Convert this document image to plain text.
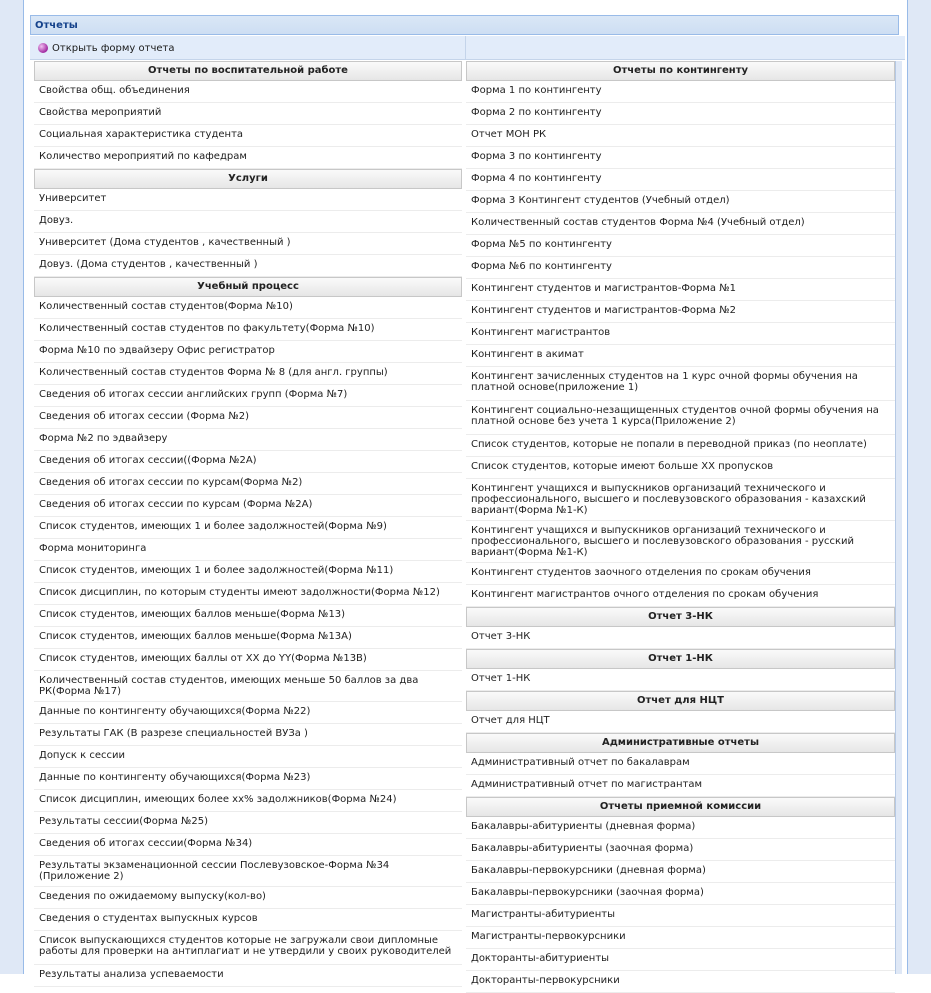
Отчеты
Открыть форму отчета
Отчеты по воспитательной работе
Свойства общ. объединения
Свойства мероприятий
Социальная характеристика студента
Количество мероприятий по кафедрам
Услуги
Университет
Довуз.
Университет (Дома студентов , качественный )
Довуз. (Дома студентов , качественный )
Учебный процесс
Количественный состав студентов(Форма №10)
Количественный состав студентов по факультету(Форма №10)
Форма №10 по эдвайзеру Офис регистратор
Количественный состав студентов Форма № 8 (для англ. группы)
Сведения об итогах сессии английских групп (Форма №7)
Сведения об итогах сессии (Форма №2)
Форма №2 по эдвайзеру
Сведения об итогах сессии((Форма №2А)
Сведения об итогах сессии по курсам(Форма №2)
Сведения об итогах сессии по курсам (Форма №2А)
Список студентов, имеющих 1 и более задолжностей(Форма №9)
Форма мониторинга
Список студентов, имеющих 1 и более задолжностей(Форма №11)
Список дисциплин, по которым студенты имеют задолжности(Форма №12)
Список студентов, имеющих баллов меньше(Форма №13)
Список студентов, имеющих баллов меньше(Форма №13А)
Список студентов, имеющих баллы от XX до YY(Форма №13В)
Количественный состав студентов, имеющих меньше 50 баллов за два РК(Форма №17)
Данные по контингенту обучающихся(Форма №22)
Результаты ГАК (В разрезе специальностей ВУЗа )
Допуск к сессии
Данные по контингенту обучающихся(Форма №23)
Список дисциплин, имеющих более хх% задолжников(Форма №24)
Результаты сессии(Форма №25)
Сведения об итогах сессии(Форма №34)
Результаты экзаменационной сессии Послевузовское-Форма №34 (Приложение 2)
Сведения по ожидаемому выпуску(кол-во)
Сведения о студентах выпускных курсов
Список выпускающихся студентов которые не загружали свои дипломные работы для проверки на антиплагиат и не утвердили у своих руководителей
Результаты анализа успеваемости
Отчеты по контингенту
Форма 1 по контингенту
Форма 2 по контингенту
Отчет МОН РК
Форма 3 по контингенту
Форма 4 по контингенту
Форма 3 Контингент студентов (Учебный отдел)
Количественный состав студентов Форма №4 (Учебный отдел)
Форма №5 по контингенту
Форма №6 по контингенту
Контингент студентов и магистрантов-Форма №1
Контингент студентов и магистрантов-Форма №2
Контингент магистрантов
Контингент в акимат
Контингент зачисленных студентов на 1 курс очной формы обучения на платной основе(приложение 1)
Контингент социально-незащищенных студентов очной формы обучения на платной основе без учета 1 курса(Приложение 2)
Список студентов, которые не попали в переводной приказ (по неоплате)
Список студентов, которые имеют больше XX пропусков
Контингент учащихся и выпускников организаций технического и профессионального, высшего и послевузовского образования - казахский вариант(Форма №1-К)
Контингент учащихся и выпускников организаций технического и профессионального, высшего и послевузовского образования - русский вариант(Форма №1-К)
Контингент студентов заочного отделения по срокам обучения
Контингент магистрантов очного отделения по срокам обучения
Отчет 3-НК
Отчет 3-НК
Отчет 1-НК
Отчет 1-НК
Отчет для НЦТ
Отчет для НЦТ
Административные отчеты
Административный отчет по бакалаврам
Административный отчет по магистрантам
Отчеты приемной комиссии
Бакалавры-абитуриенты (дневная форма)
Бакалавры-абитуриенты (заочная форма)
Бакалавры-первокурсники (дневная форма)
Бакалавры-первокурсники (заочная форма)
Магистранты-абитуриенты
Магистранты-первокурсники
Докторанты-абитуриенты
Докторанты-первокурсники
